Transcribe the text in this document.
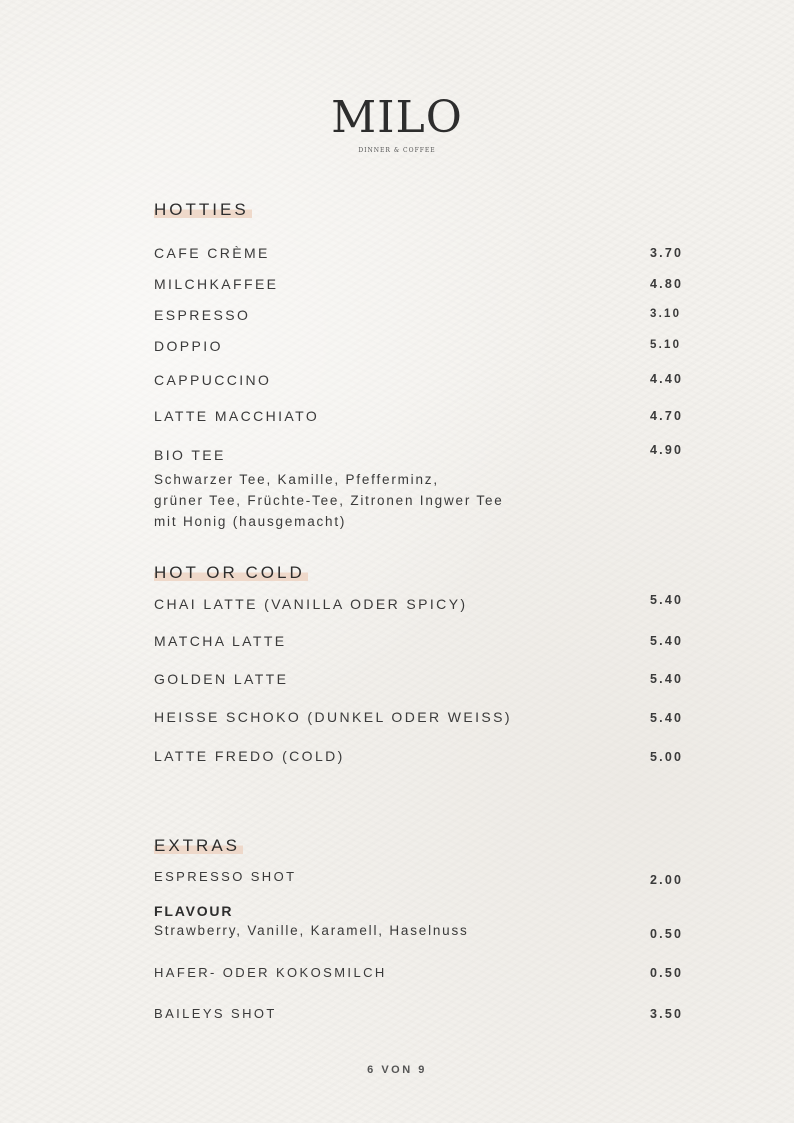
MILO
DINNER & COFFEE
HOTTIES
CAFE CRÈME	3.70
MILCHKAFFEE	4.80
ESPRESSO	3.10
DOPPIO	5.10
CAPPUCCINO	4.40
LATTE MACCHIATO	4.70
BIO TEE	4.90
Schwarzer Tee, Kamille, Pfefferminz,
grüner Tee, Früchte-Tee, Zitronen Ingwer Tee
mit Honig (hausgemacht)
HOT OR COLD
CHAI LATTE (VANILLA ODER SPICY)	5.40
MATCHA LATTE	5.40
GOLDEN LATTE	5.40
HEISSE SCHOKO (DUNKEL ODER WEISS)	5.40
LATTE FREDO (COLD)	5.00
EXTRAS
ESPRESSO SHOT	2.00
FLAVOUR
Strawberry, Vanille, Karamell, Haselnuss	0.50
HAFER- ODER KOKOSMILCH	0.50
BAILEYS SHOT	3.50
6 VON 9
